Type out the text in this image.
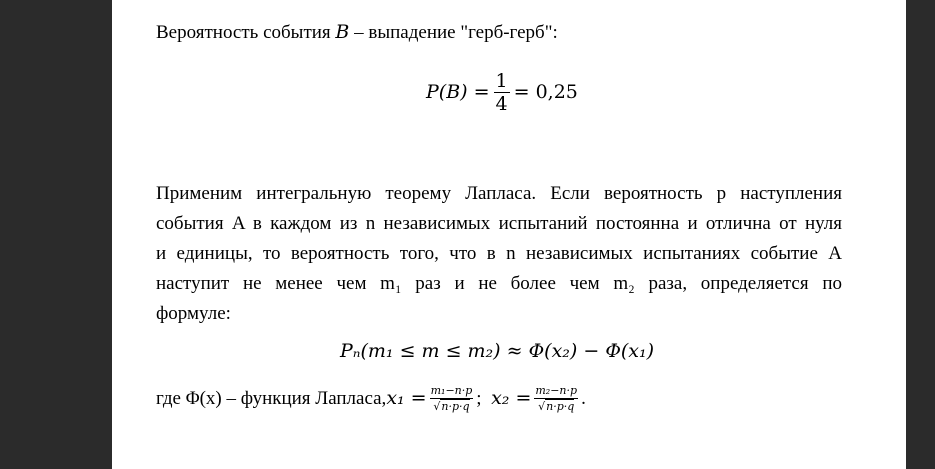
Вероятность события B – выпадение "герб-герб":
$P(B) = \frac{1}{4} = 0,25$
Применим интегральную теорему Лапласа. Если вероятность p наступления
события A в каждом из n независимых испытаний постоянна и отлична от нуля
и единицы, то вероятность того, что в n независимых испытаниях событие A
наступит не менее чем m₁ раз и не более чем m₂ раза, определяется по
формуле:
Pₙ(m₁ ≤ m ≤ m₂) ≈ Φ(x₂) − Φ(x₁)
где Φ(x) – функция Лапласа, $x_1 = \frac{\text{m₁−n·p}}{√n\cdot p\cdot q}$ ; $x_2 = \frac{\text{m₂−n·p}}{√n\cdot p\cdot q}$ .
